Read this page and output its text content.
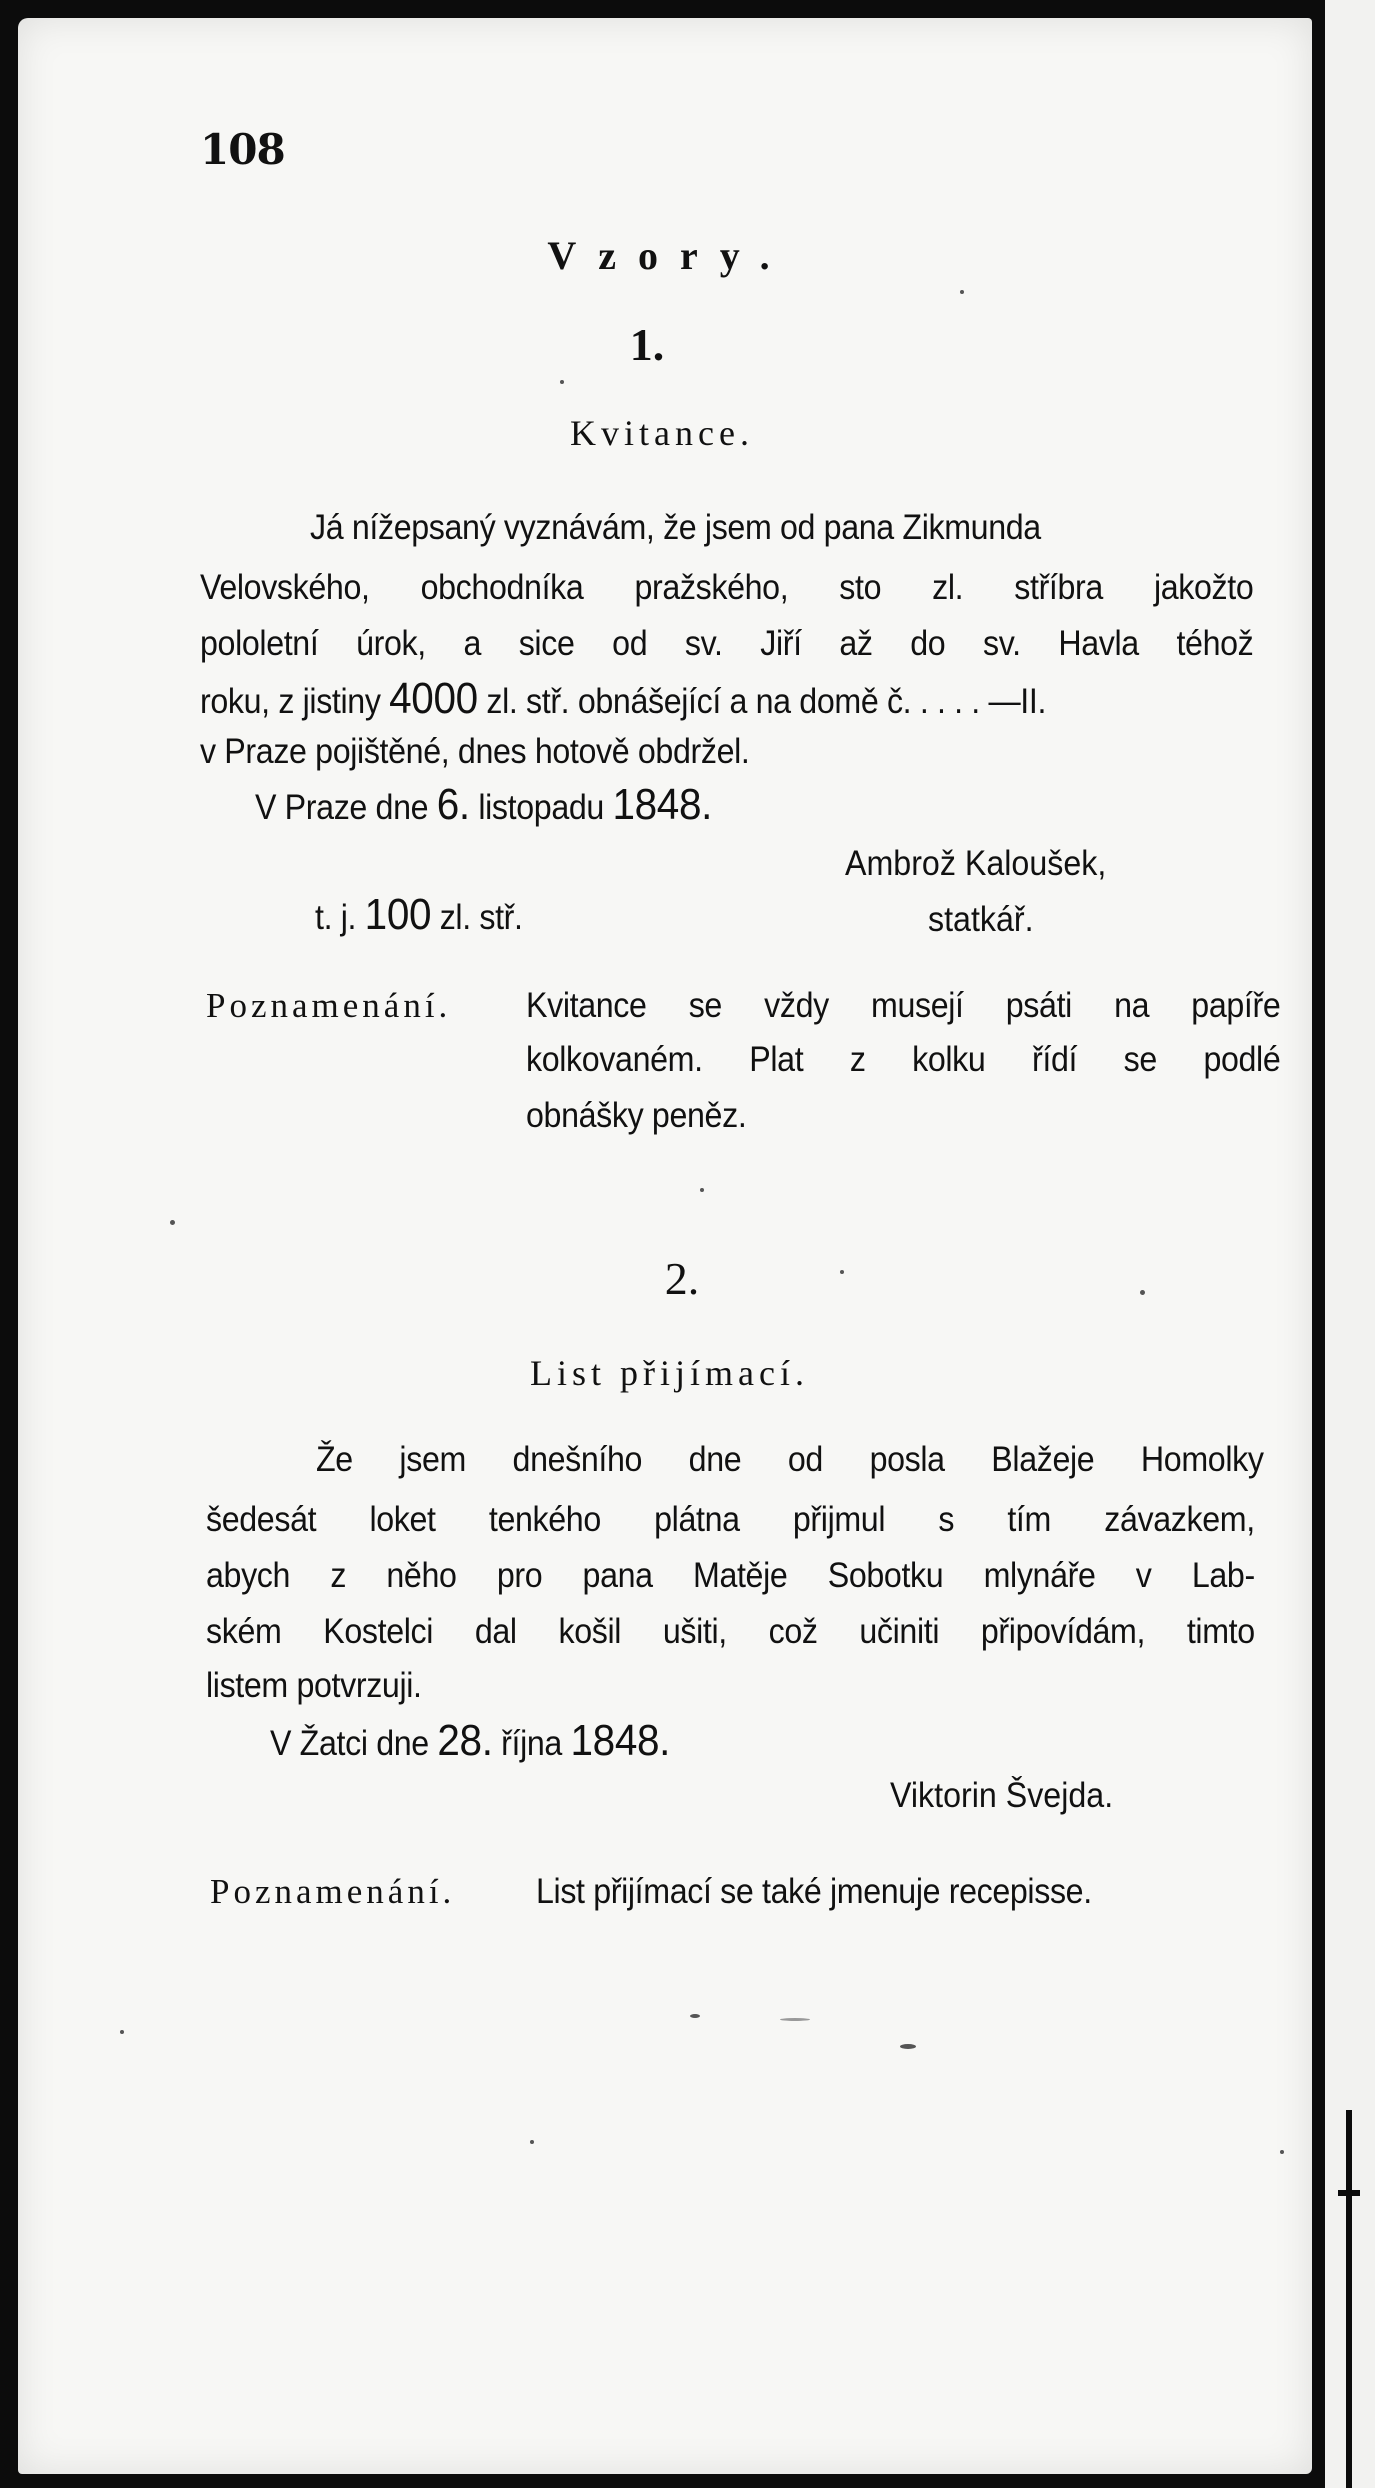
108
Vzory.
1.
Kvitance.
Já nížepsaný vyznávám, že jsem od pana Zikmunda
Velovského, obchodníka pražského, sto zl. stříbra jakožto
pololetní úrok, a sice od sv. Jiří až do sv. Havla téhož
roku, z jistiny 4000 zl. stř. obnášející a na domě č. . . . . —II.
v Praze pojištěné, dnes hotově obdržel.
V Praze dne 6. listopadu 1848.
Ambrož Kaloušek,
t. j. 100 zl. stř.	statkář.
Poznamenání. Kvitance se vždy musejí psáti na papíře
kolkovaném. Plat z kolku řídí se podlé
obnášky peněz.
2.
List přijímací.
Že jsem dnešního dne od posla Blažeje Homolky
šedesát loket tenkého plátna přijmul s tím závazkem,
abych z něho pro pana Matěje Sobotku mlynáře v Lab-
ském Kostelci dal košil ušiti, což učiniti připovídám, timto
listem potvrzuji.
V Žatci dne 28. října 1848.
Viktorin Švejda.
Poznamenání. List přijímací se také jmenuje recepisse.
